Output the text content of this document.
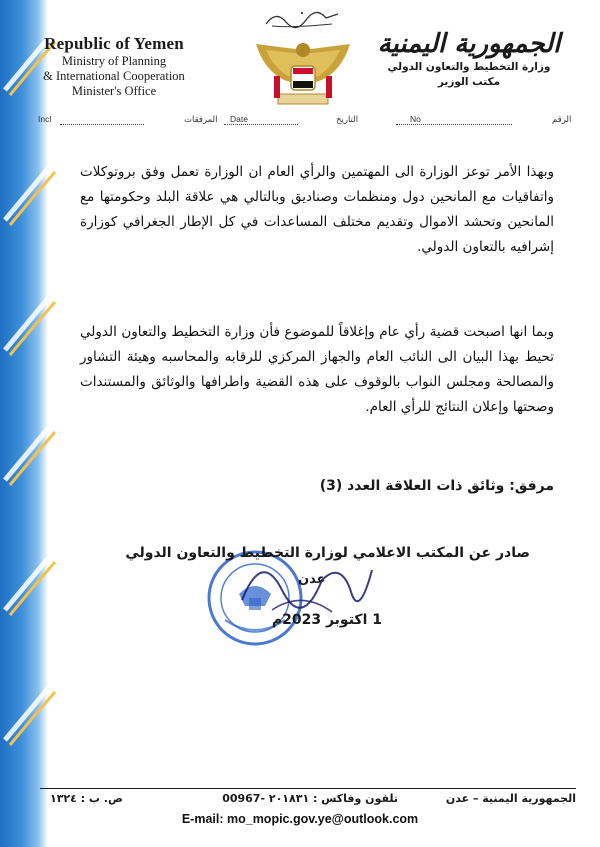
Republic of Yemen
Ministry of Planning
& International Cooperation
Minister's Office
الجمهورية اليمنية
وزارة التخطيط والتعاون الدولي
مكتب الوزير
Incl	المرفقات Date	التاريخ	No	الرقم
وبهذا الأمر توعز الوزارة الى المهتمين والرأي العام ان الوزارة تعمل وفق بروتوكلات واتفاقيات مع المانحين دول ومنظمات وصناديق وبالتالي هي علاقة البلد وحكومتها مع المانحين وتحشد الاموال وتقديم مختلف المساعدات في كل الإطار الجغرافي كوزارة إشرافيه بالتعاون الدولي.
وبما انها اصبحت قضية رأي عام وإغلاقاً للموضوع فأن وزارة التخطيط والتعاون الدولي تحيط بهذا البيان الى النائب العام والجهاز المركزي للرقابه والمحاسبه وهيئة التشاور والمصالحة ومجلس النواب بالوقوف على هذه القضية واطرافها والوثائق والمستندات وصحتها وإعلان النتائج للرأي العام.
مرفق: وثائق ذات العلاقة العدد (3)
صادر عن المكتب الاعلامي لوزارة التخطيط والتعاون الدولي
عدن
1 اكتوبر 2023م
الجمهورية اليمنية – عدن
تلفون وفاكس : ٢٠١٨٣١ -00967
ص. ب : ١٣٢٤
E-mail: mo_mopic.gov.ye@outlook.com
